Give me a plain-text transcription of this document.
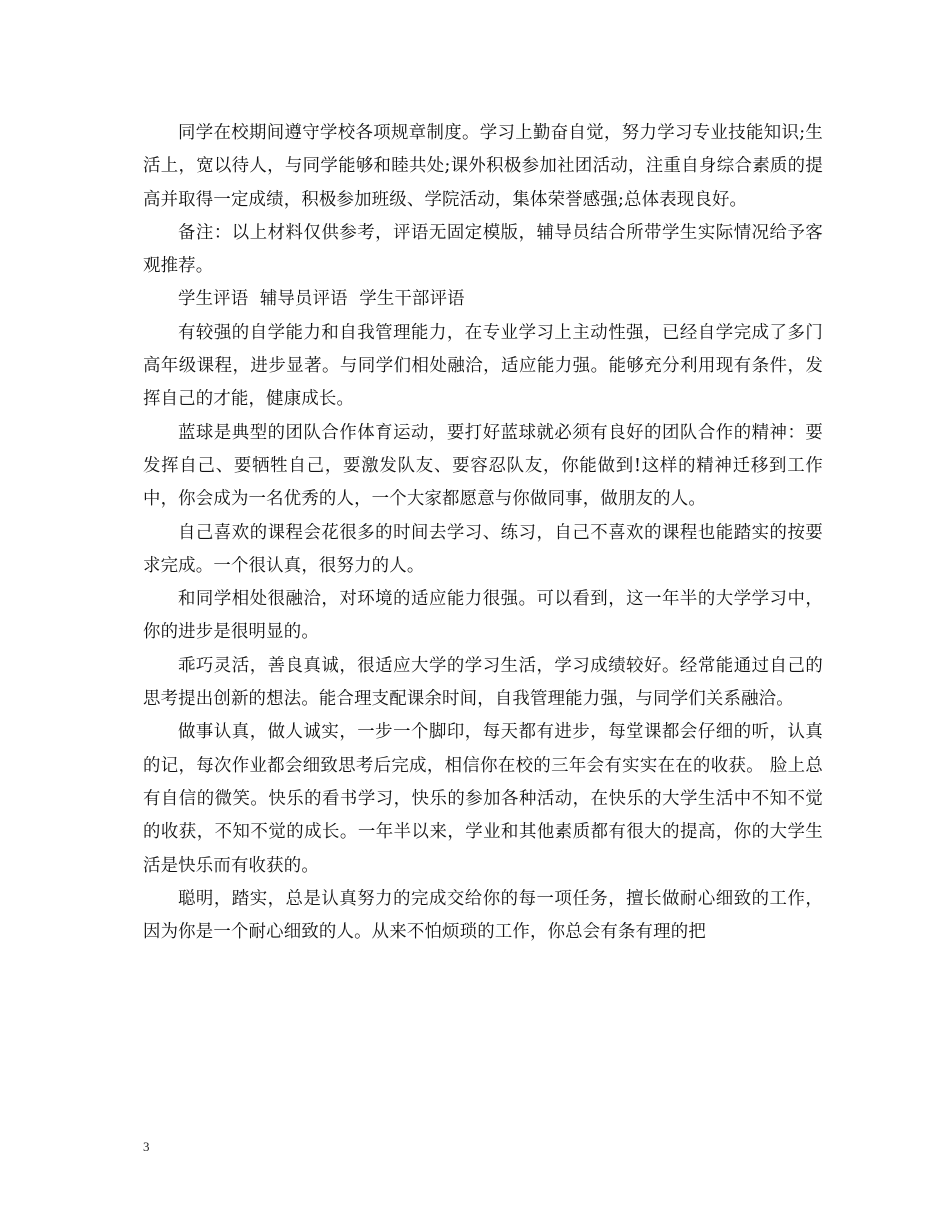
同学在校期间遵守学校各项规章制度。学习上勤奋自觉，努力学习专业技能知识;生活上，宽以待人，与同学能够和睦共处;课外积极参加社团活动，注重自身综合素质的提高并取得一定成绩，积极参加班级、学院活动，集体荣誉感强;总体表现良好。

备注：以上材料仅供参考，评语无固定模版，辅导员结合所带学生实际情况给予客观推荐。

学生评语  辅导员评语  学生干部评语

有较强的自学能力和自我管理能力，在专业学习上主动性强，已经自学完成了多门高年级课程，进步显著。与同学们相处融洽，适应能力强。能够充分利用现有条件，发挥自己的才能，健康成长。

蓝球是典型的团队合作体育运动，要打好蓝球就必须有良好的团队合作的精神：要发挥自己、要牺牲自己，要激发队友、要容忍队友，你能做到!这样的精神迁移到工作中，你会成为一名优秀的人，一个大家都愿意与你做同事，做朋友的人。

自己喜欢的课程会花很多的时间去学习、练习，自己不喜欢的课程也能踏实的按要求完成。一个很认真，很努力的人。

和同学相处很融洽，对环境的适应能力很强。可以看到，这一年半的大学学习中，你的进步是很明显的。

乖巧灵活，善良真诚，很适应大学的学习生活，学习成绩较好。经常能通过自己的思考提出创新的想法。能合理支配课余时间，自我管理能力强，与同学们关系融洽。

做事认真，做人诚实，一步一个脚印，每天都有进步，每堂课都会仔细的听，认真的记，每次作业都会细致思考后完成，相信你在校的三年会有实实在在的收获。 脸上总有自信的微笑。快乐的看书学习，快乐的参加各种活动，在快乐的大学生活中不知不觉的收获，不知不觉的成长。一年半以来，学业和其他素质都有很大的提高，你的大学生活是快乐而有收获的。

聪明，踏实，总是认真努力的完成交给你的每一项任务，擅长做耐心细致的工作，因为你是一个耐心细致的人。从来不怕烦琐的工作，你总会有条有理的把

3
